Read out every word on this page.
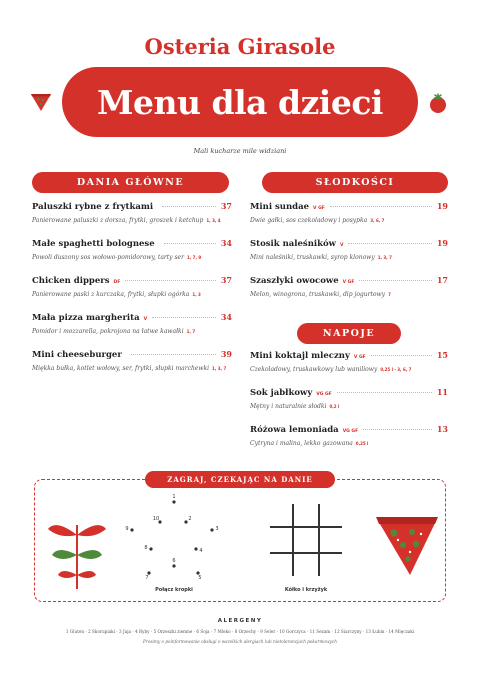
Osteria Girasole
Menu dla dzieci
Mali kucharze mile widziani
DANIA GŁÓWNE
Paluszki rybne z frytkami	37
Panierowane paluszki z dorsza, frytki, groszek i ketchup 1, 3, 4
Małe spaghetti bolognese	34
Powoli duszony sos wołowo-pomidorowy, tarty ser 1, 7, 9
Chicken dippers DF	37
Panierowane paski z kurczaka, frytki, słupki ogórka 1, 3
Mała pizza margherita V	34
Pomidor i mozzarella, pokrojona na łatwe kawałki 1, 7
Mini cheeseburger	39
Miękka bułka, kotlet wołowy, ser, frytki, słupki marchewki 1, 3, 7
SŁODKOŚCI
Mini sundae V GF	19
Dwie gałki, sos czekoladowy i posypka 3, 6, 7
Stosik naleśników V	19
Mini naleśniki, truskawki, syrop klonowy 1, 3, 7
Szaszłyki owocowe V GF	17
Melon, winogrona, truskawki, dip jogurtowy 7
NAPOJE
Mini koktajl mleczny V GF	15
Czekoladowy, truskawkowy lub waniliowy 0,25 l · 3, 6, 7
Sok jabłkowy VG GF	11
Mętny i naturalnie słodki 0,2 l
Różowa lemoniada VG GF	13
Cytryna i malina, lekko gazowana 0,25 l
ZAGRAJ, CZEKAJĄC NA DANIE
1
2
3
4
5
6
7
8
9
10
Połącz kropki	Kółko i krzyżyk
ALERGENY
1 Gluten · 2 Skorupiaki · 3 Jaja · 4 Ryby · 5 Orzeszki ziemne · 6 Soja · 7 Mleko · 8 Orzechy · 9 Seler · 10 Gorczyca · 11 Sezam · 12 Siarczyny · 13 Łubin · 14 Mięczaki
Prosimy o poinformowanie obsługi o wszelkich alergiach lub nietolerancjach pokarmowych
